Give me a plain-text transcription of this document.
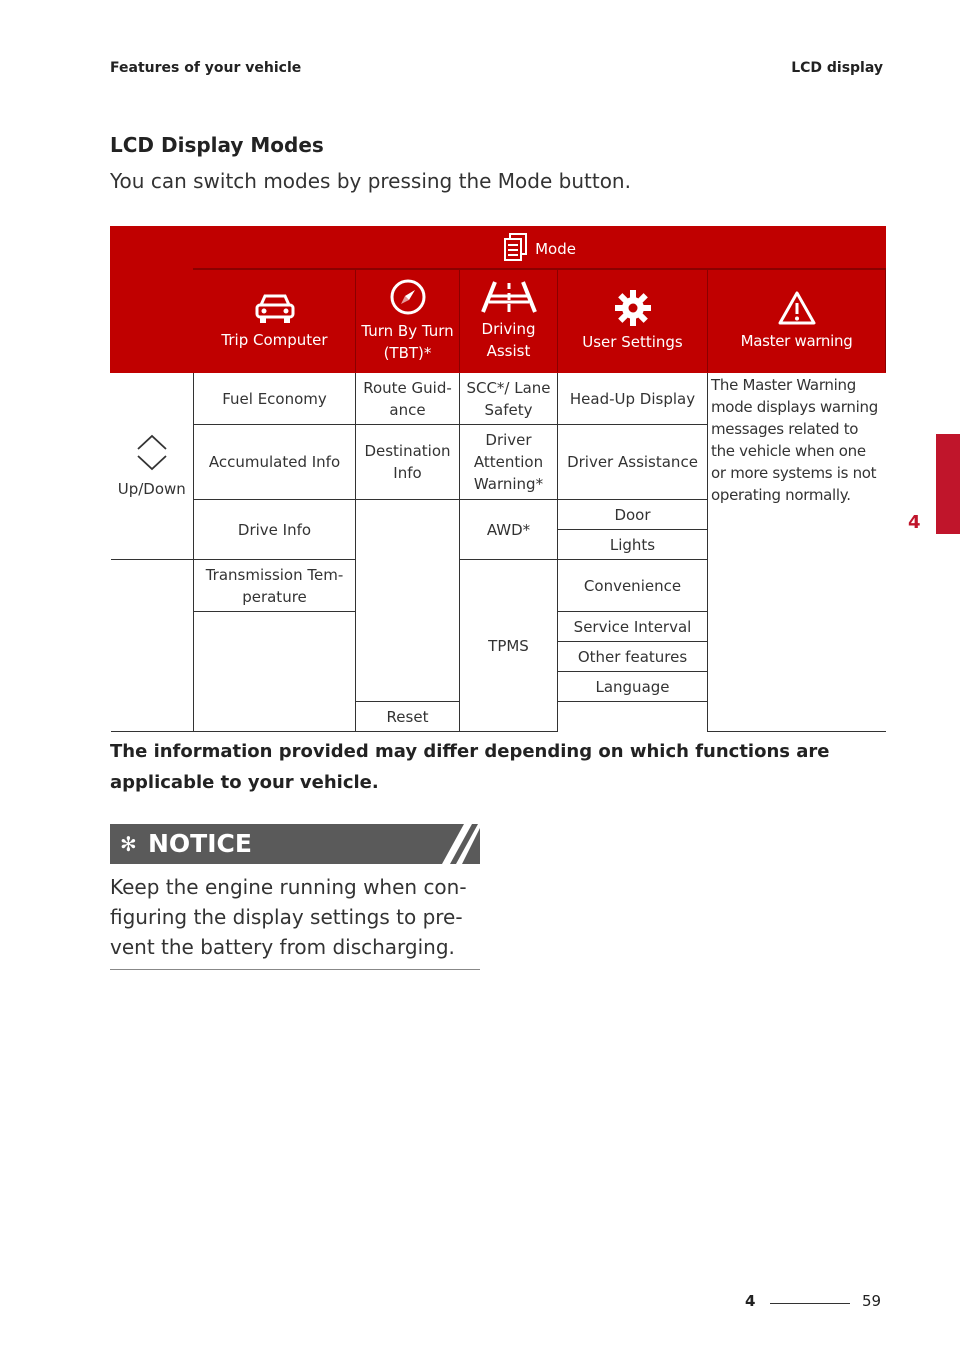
Features of your vehicle	LCD display
LCD Display Modes
You can switch modes by pressing the Mode button.
4
	Mode				

Trip Computer	Turn By Turn (TBT)*	Driving Assist	User Settings	Master warning

Up/Down	Fuel Economy	Route Guid-ance	SCC*/ Lane Safety	Head-Up Display	The Master Warning mode displays warning messages related to the vehicle when one or more systems is not operating normally.
	Accumulated Info	Destination Info	Driver Attention Warning*	Driver Assistance	
	Drive Info		AWD*	Door	
				Lights	
	Transmission Tem-perature		TPMS	Convenience	
				Service Interval	
				Other features	
				Language	
		Reset			
The information provided may differ depending on which functions are applicable to your vehicle.
✻ NOTICE
Keep the engine running when con-figuring the display settings to pre-vent the battery from discharging.
4	59
